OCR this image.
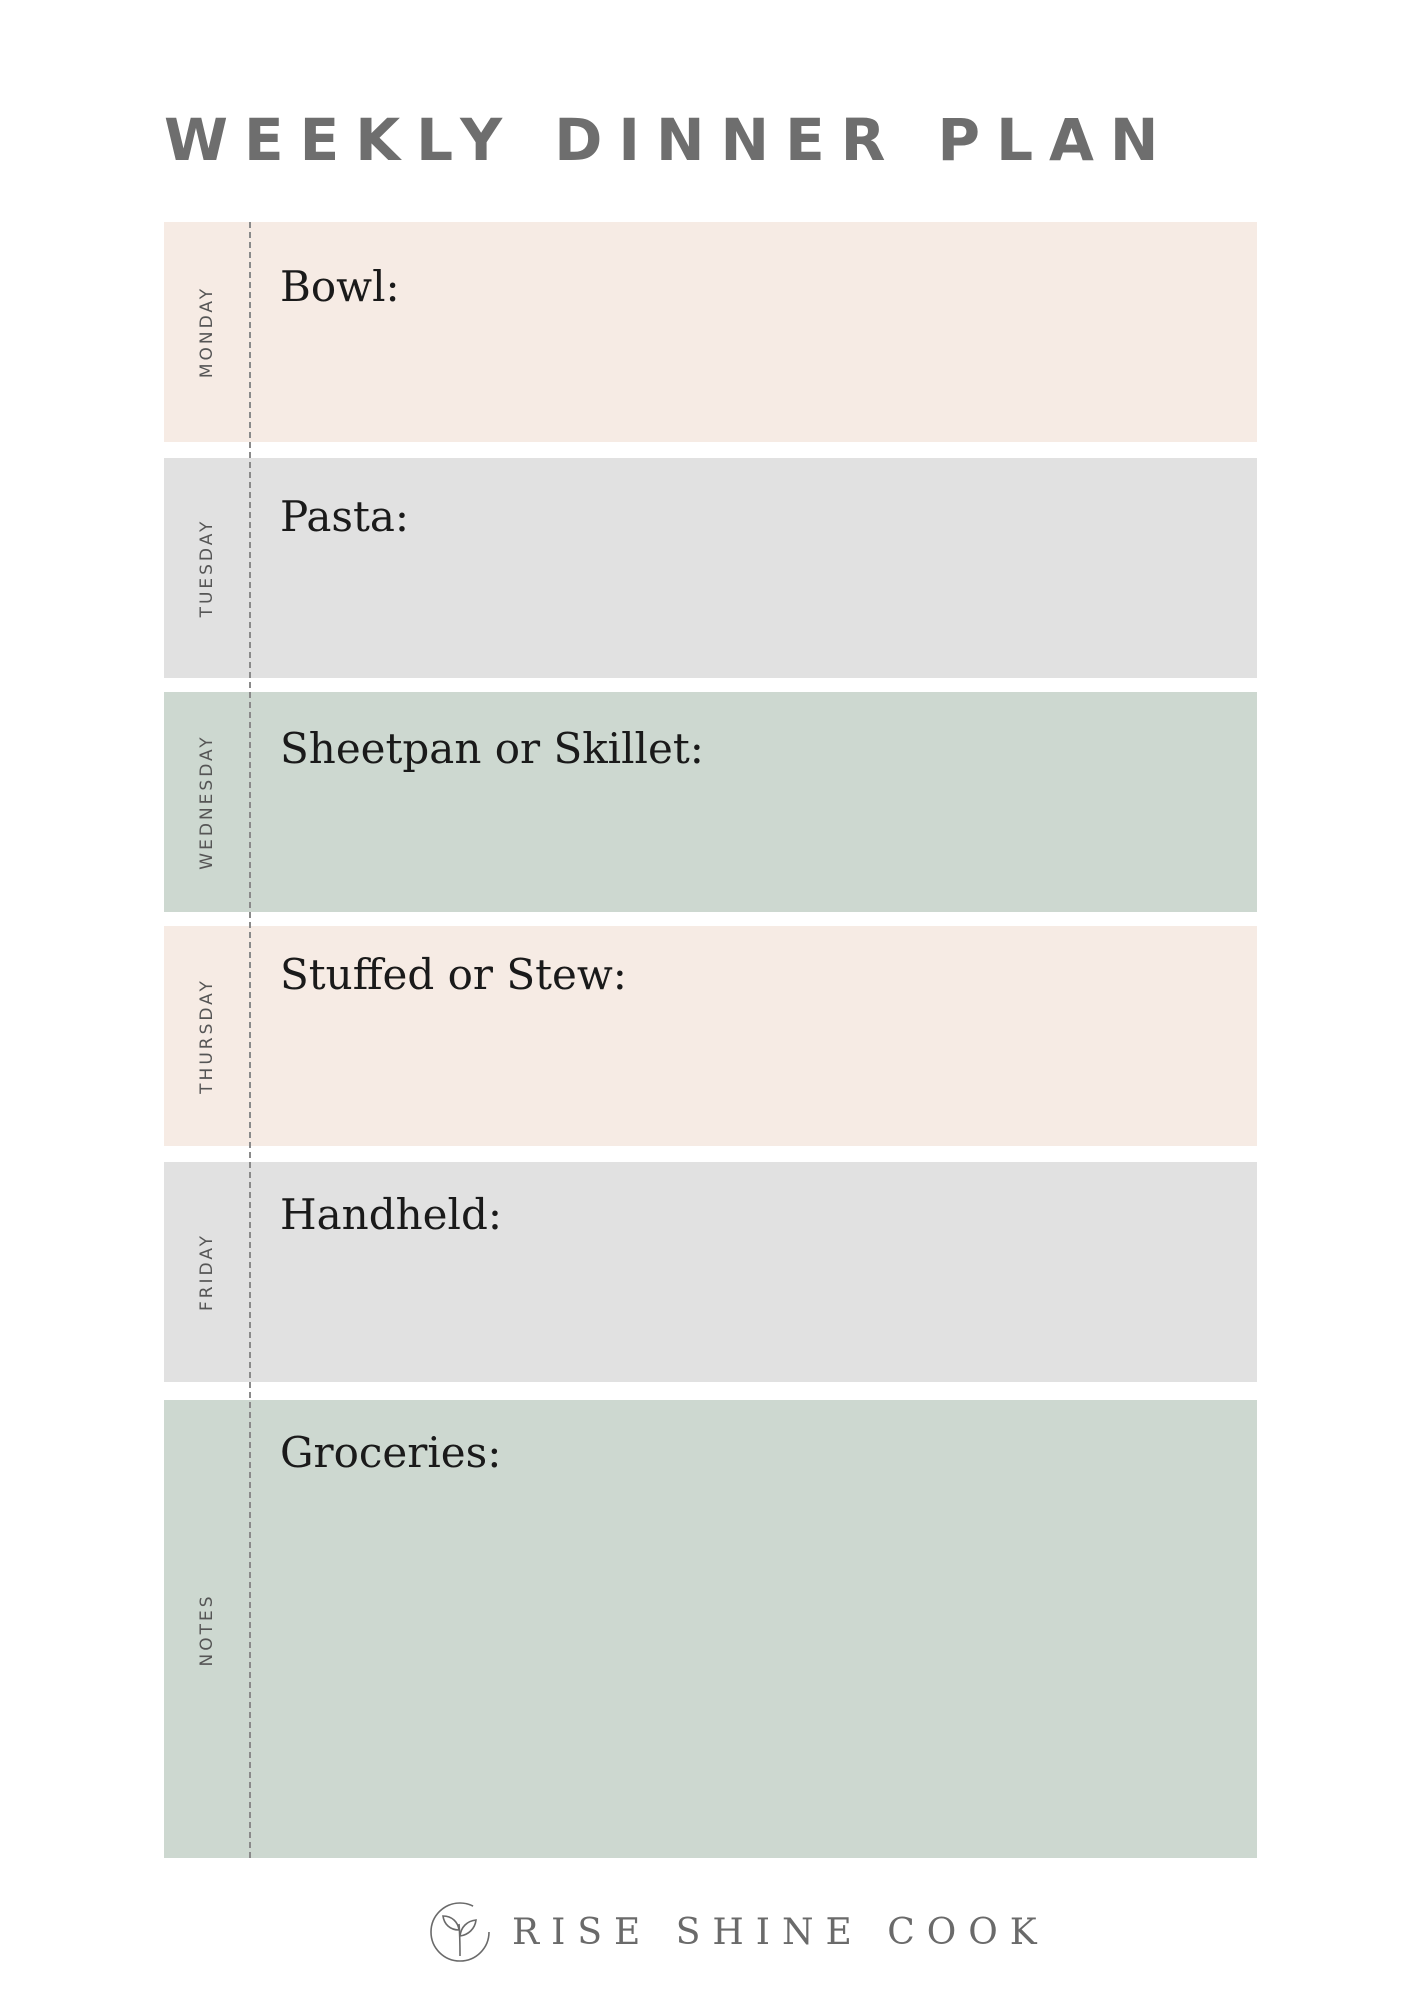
WEEKLY DINNER PLAN
MONDAY Bowl:

TUESDAY

Pasta:

WEDNESDAY Sheetpan or Skillet:

THURSDAY

Stuffed or Stew:

FRIDAY

Handheld:

NOTES

Groceries:

RISE SHINE COOK
